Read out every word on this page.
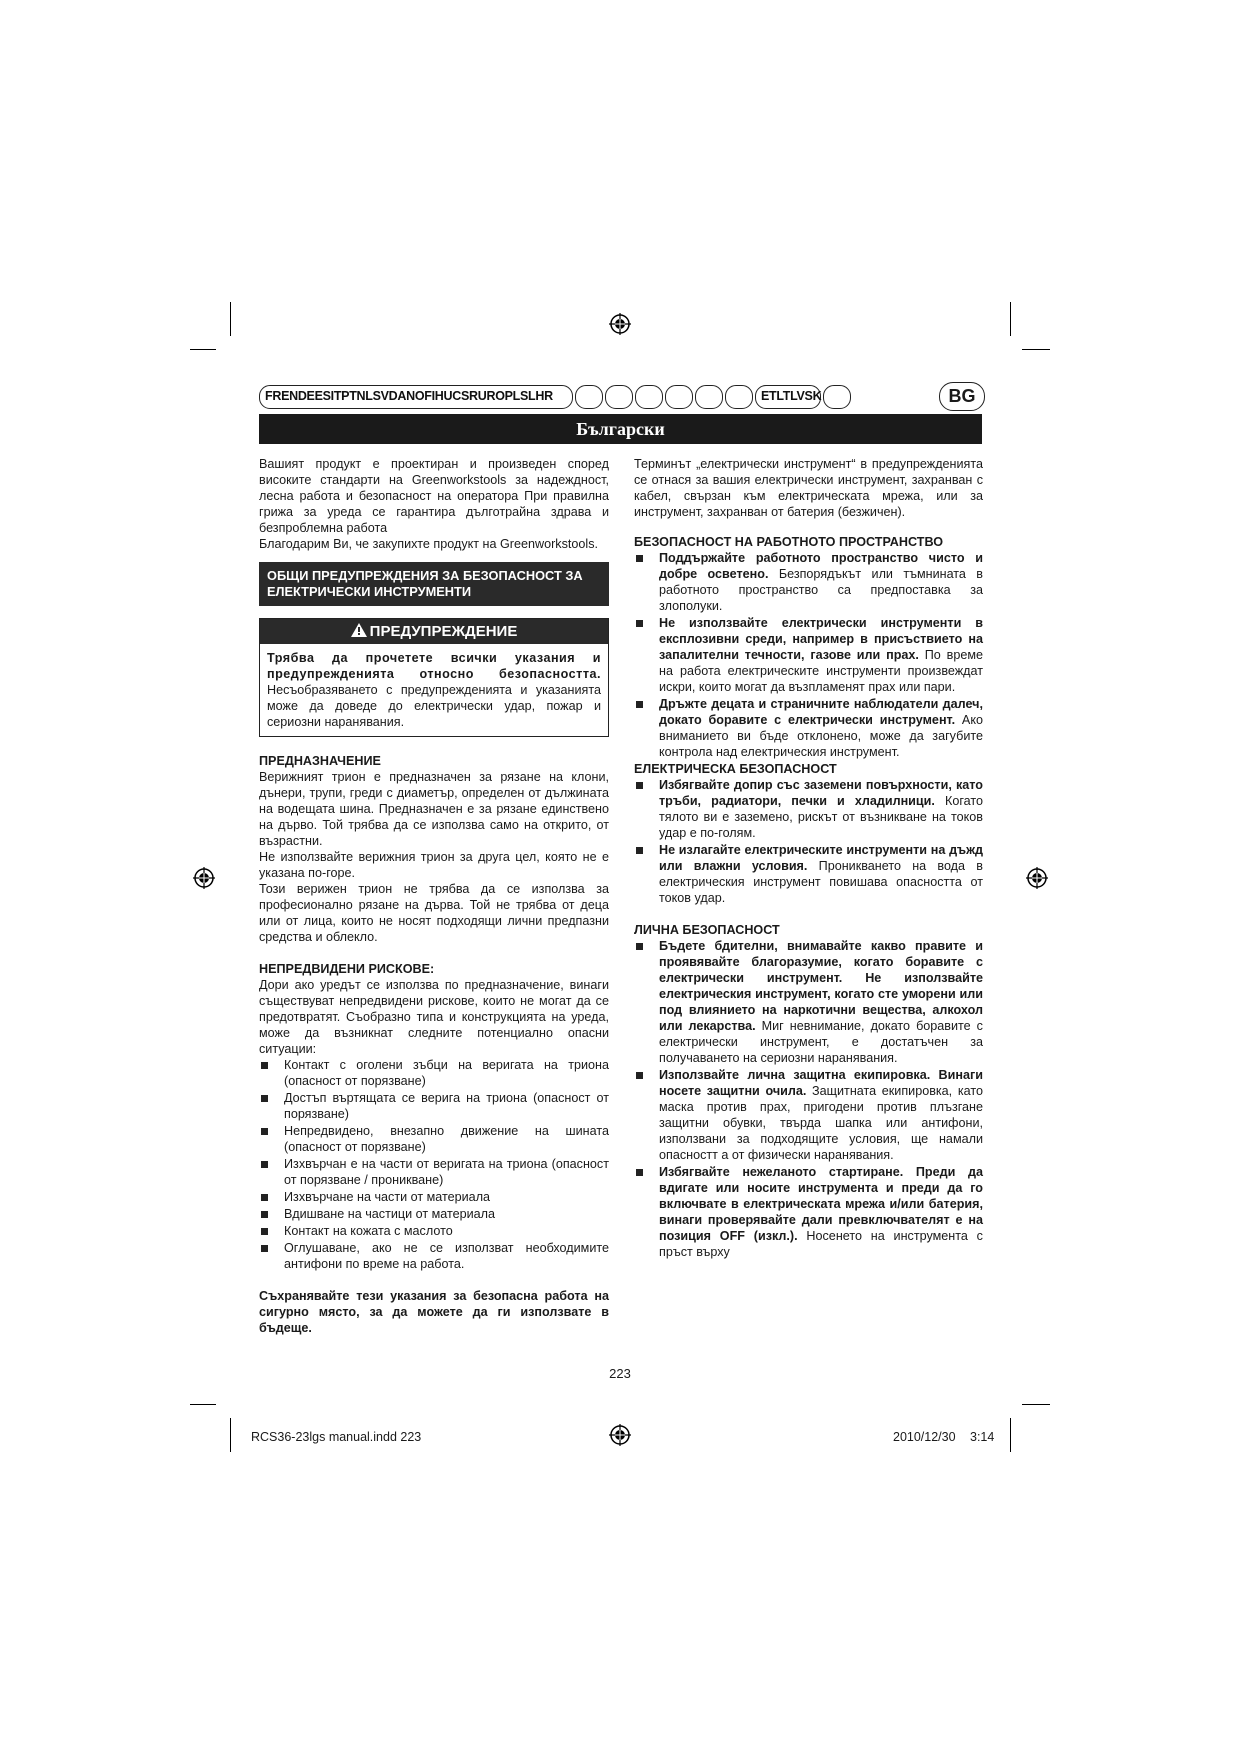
FRENDEESITPTNLSVDANOFIHUCSRUROPLSLHR	ETLTLVSK	BG
Български

Вашият продукт е проектиран и произведен според високите стандарти на Greenworkstools за надеждност, лесна работа и безопасност на оператора При правилна грижа за уреда се гарантира дълготрайна здрава и безпроблемна работа

Благодарим Ви, че закупихте продукт на Greenworkstools.

ОБЩИ ПРЕДУПРЕЖДЕНИЯ ЗА БЕЗОПАСНОСТ ЗА ЕЛЕКТРИЧЕСКИ ИНСТРУМЕНТИ
ПРЕДУПРЕЖДЕНИЕ
Трябва да прочетете всички указания и предупрежденията относно безопасността. Несъобразяването с предупрежденията и указанията може да доведе до електрически удар, пожар и сериозни наранявания.
ПРЕДНАЗНАЧЕНИЕ

Верижният трион е предназначен за рязане на клони, дънери, трупи, греди с диаметър, определен от дължината на водещата шина. Предназначен е за рязане единствено на дърво. Той трябва да се използва само на открито, от възрастни.

Не използвайте верижния трион за друга цел, която не е указана по-горе.

Този верижен трион не трябва да се използва за професионално рязане на дърва. Той не трябва от деца или от лица, които не носят подходящи лични предпазни средства и облекло.

НЕПРЕДВИДЕНИ РИСКОВЕ:

Дори ако уредът се използва по предназначение, винаги съществуват непредвидени рискове, които не могат да се предотвратят. Съобразно типа и конструкцията на уреда, може да възникнат следните потенциално опасни ситуации:

Контакт с оголени зъбци на веригата на триона (опасност от порязване)
Достъп въртящата се верига на триона (опасност от порязване)
Непредвидено, внезапно движение на шината (опасност от порязване)
Изхвърчан е на части от веригата на триона (опасност от порязване / проникване)
Изхвърчане на части от материала
Вдишване на частици от материала
Контакт на кожата с маслото
Оглушаване, ако не се използват необходимите антифони по време на работа.

Съхранявайте тези указания за безопасна работа на сигурно място, за да можете да ги използвате в бъдеще.

Терминът „електрически инструмент“ в предупрежденията се отнася за вашия електрически инструмент, захранван с кабел, свързан към електрическата мрежа, или за инструмент, захранван от батерия (безжичен).

БЕЗОПАСНОСТ НА РАБОТНОТО ПРОСТРАНСТВО
Поддържайте работното пространство чисто и добре осветено. Безпорядъкът или тъмнината в работното пространство са предпоставка за злополуки.
Не използвайте електрически инструменти в експлозивни среди, например в присъствието на запалителни течности, газове или прах. По време на работа електрическите инструменти произвеждат искри, които могат да възпламенят прах или пари.
Дръжте децата и страничните наблюдатели далеч, докато боравите с електрически инструмент. Ако вниманието ви бъде отклонено, може да загубите контрола над електрическия инструмент.
ЕЛЕКТРИЧЕСКА БЕЗОПАСНОСТ
Избягвайте допир със заземени повърхности, като тръби, радиатори, печки и хладилници. Когато тялото ви е заземено, рискът от възникване на токов удар е по-голям.
Не излагайте електрическите инструменти на дъжд или влажни условия. Проникването на вода в електрическия инструмент повишава опасността от токов удар.
ЛИЧНА БЕЗОПАСНОСТ
Бъдете бдителни, внимавайте какво правите и проявявайте благоразумие, когато боравите с електрически инструмент. Не използвайте електрическия инструмент, когато сте уморени или под влиянието на наркотични вещества, алкохол или лекарства. Миг невнимание, докато боравите с електрически инструмент, е достатъчен за получаването на сериозни наранявания.
Използвайте лична защитна екипировка. Винаги носете защитни очила. Защитната екипировка, като маска против прах, пригодени против плъзгане защитни обувки, твърда шапка или антифони, използвани за подходящите условия, ще намали опасностт а от физически наранявания.
Избягвайте нежеланото стартиране. Преди да вдигате или носите инструмента и преди да го включвате в електрическата мрежа и/или батерия, винаги проверявайте дали превключвателят е на позиция OFF (изкл.). Носенето на инструмента с пръст върху
223
RCS36-23lgs manual.indd 223	2010/12/30 3:14
